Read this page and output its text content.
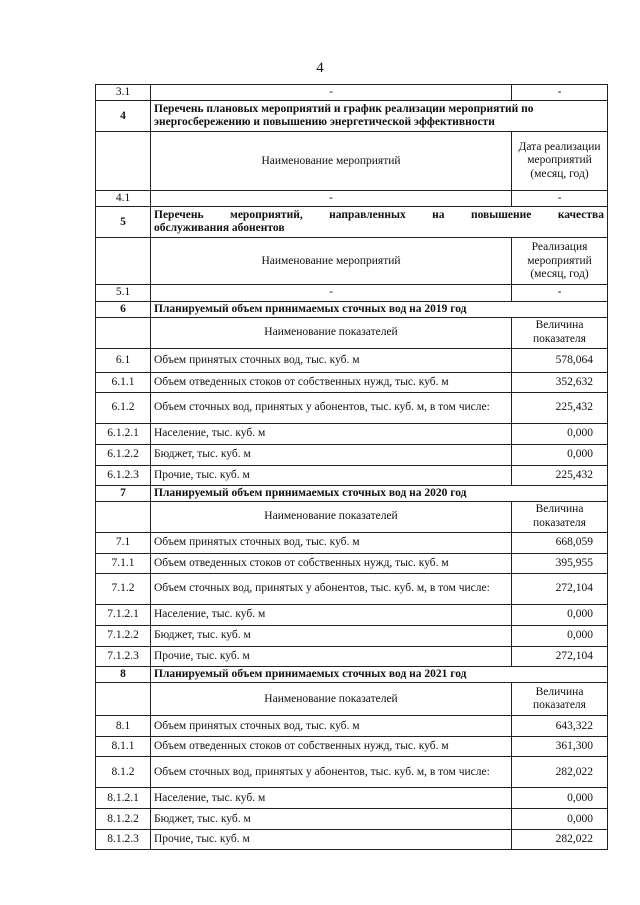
4
3.1	-	-
4	Перечень плановых мероприятий и график реализации мероприятий по
энергосбережению и повышению энергетической эффективности	

	Наименование мероприятий	Дата реализации мероприятий (месяц, год)
4.1	-	-
5	Перечень мероприятий, направленных на повышение качества
обслуживания абонентов	

	Наименование мероприятий	Реализация мероприятий (месяц, год)
5.1	-	-
6	Планируемый объем принимаемых сточных вод на 2019 год	
	Наименование показателей	Величина показателя
6.1	Объем принятых сточных вод, тыс. куб. м	578,064
6.1.1	Объем отведенных стоков от собственных нужд, тыс. куб. м	352,632
6.1.2	Объем сточных вод, принятых у абонентов, тыс. куб. м, в том числе:	225,432
6.1.2.1	Население, тыс. куб. м	0,000
6.1.2.2	Бюджет, тыс. куб. м	0,000
6.1.2.3	Прочие, тыс. куб. м	225,432
7	Планируемый объем принимаемых сточных вод на 2020 год	
	Наименование показателей	Величина показателя
7.1	Объем принятых сточных вод, тыс. куб. м	668,059
7.1.1	Объем отведенных стоков от собственных нужд, тыс. куб. м	395,955
7.1.2	Объем сточных вод, принятых у абонентов, тыс. куб. м, в том числе:	272,104
7.1.2.1	Население, тыс. куб. м	0,000
7.1.2.2	Бюджет, тыс. куб. м	0,000
7.1.2.3	Прочие, тыс. куб. м	272,104
8	Планируемый объем принимаемых сточных вод на 2021 год	
	Наименование показателей	Величина показателя
8.1	Объем принятых сточных вод, тыс. куб. м	643,322
8.1.1	Объем отведенных стоков от собственных нужд, тыс. куб. м	361,300
8.1.2	Объем сточных вод, принятых у абонентов, тыс. куб. м, в том числе:	282,022
8.1.2.1	Население, тыс. куб. м	0,000
8.1.2.2	Бюджет, тыс. куб. м	0,000
8.1.2.3	Прочие, тыс. куб. м	282,022
